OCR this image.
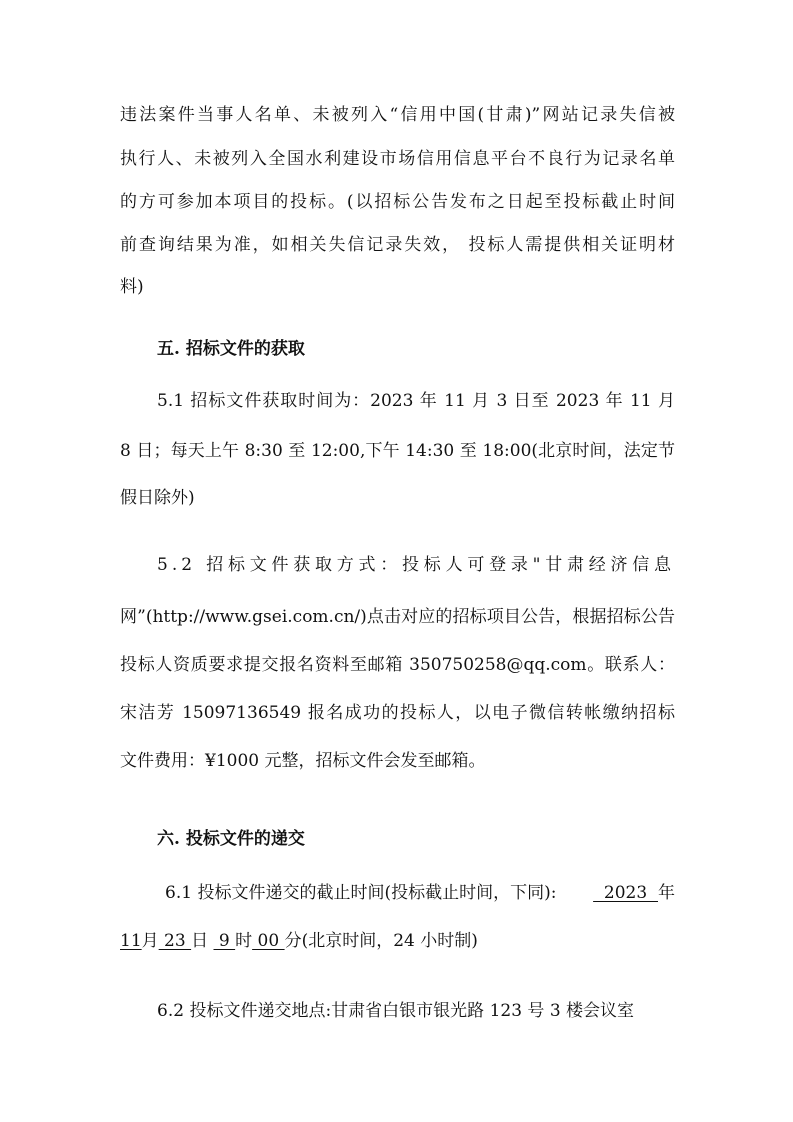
违法案件当事人名单、未被列入“信用中国(甘肃)”网站记录失信被
执行人、未被列入全国水利建设市场信用信息平台不良行为记录名单
的方可参加本项目的投标。(以招标公告发布之日起至投标截止时间
前查询结果为准，如相关失信记录失效， 投标人需提供相关证明材
料)
五. 招标文件的获取
5.1 招标文件获取时间为：2023 年 11 月 3 日至 2023 年 11 月
8 日；每天上午 8:30 至 12:00,下午 14:30 至 18:00(北京时间，法定节
假日除外)
5.2 招标文件获取方式：投标人可登录"甘肃经济信息
网”(http://www.gsei.com.cn/)点击对应的招标项目公告，根据招标公告
投标人资质要求提交报名资料至邮箱 350750258@qq.com。联系人：
宋洁芳 15097136549 报名成功的投标人，以电子微信转帐缴纳招标
文件费用：¥1000 元整，招标文件会发至邮箱。
六. 投标文件的递交
6.1 投标文件递交的截止时间(投标截止时间，下同): 2023  年
11月 23 日  9 时 00 分(北京时间，24 小时制)
6.2 投标文件递交地点:甘肃省白银市银光路 123 号 3 楼会议室
